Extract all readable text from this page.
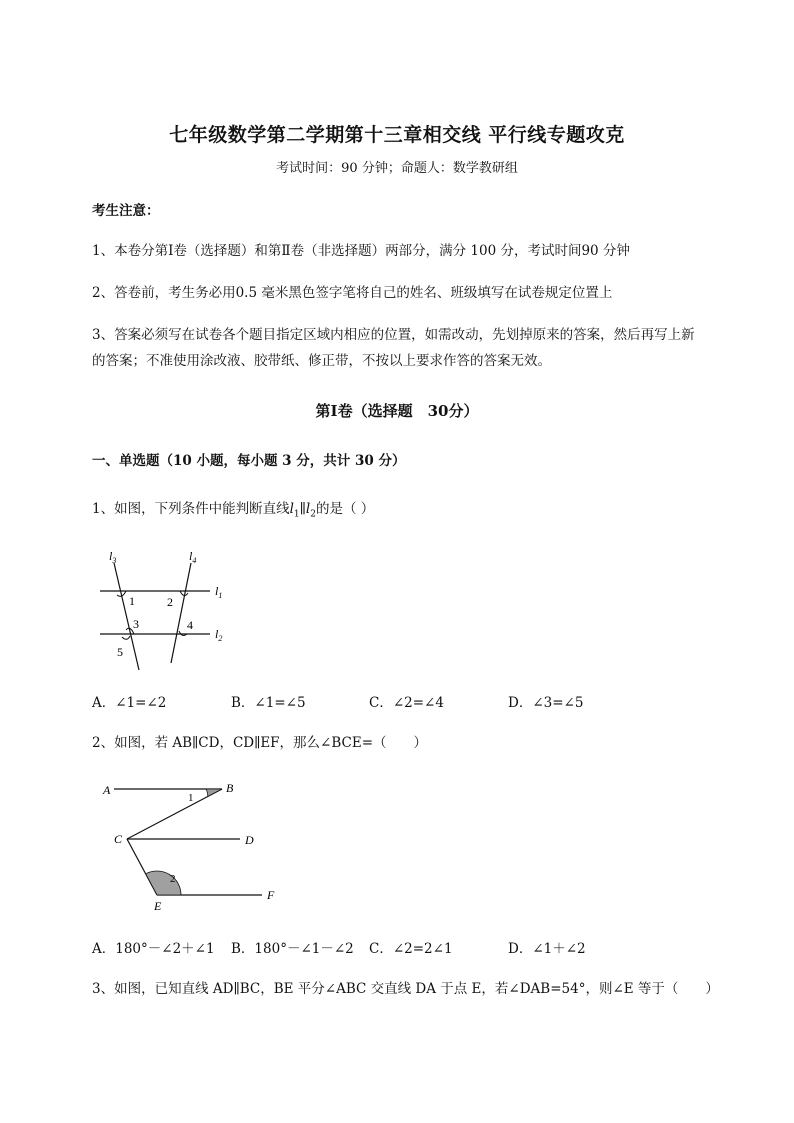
七年级数学第二学期第十三章相交线 平行线专题攻克
考试时间：90 分钟；命题人：数学教研组
考生注意：
1、本卷分第Ⅰ卷（选择题）和第Ⅱ卷（非选择题）两部分，满分 100 分，考试时间90 分钟
2、答卷前，考生务必用0.5 毫米黑色签字笔将自己的姓名、班级填写在试卷规定位置上
3、答案必须写在试卷各个题目指定区域内相应的位置，如需改动，先划掉原来的答案，然后再写上新
的答案；不准使用涂改液、胶带纸、修正带，不按以上要求作答的答案无效。
第Ⅰ卷（选择题　30分）
一、单选题（10 小题，每小题 3 分，共计 30 分）
1、如图，下列条件中能判断直线$l_1\parallel l_2$的是（ ）
$l_3$	$l_4$
$l_1$
$l_2$
1	2
3	4
5
A．∠1=∠2	B．∠1=∠5	C．∠2=∠4	D．∠3=∠5
2、如图，若 AB∥CD，CD∥EF，那么∠BCE=（　　）
A	B
C	D
E
F
1
2
A．180°－∠2＋∠1 B．180°－∠1－∠2 C．∠2=2∠1	D．∠1＋∠2
3、如图，已知直线 AD∥BC，BE 平分∠ABC 交直线 DA 于点 E，若∠DAB=54°，则∠E 等于（　　）
